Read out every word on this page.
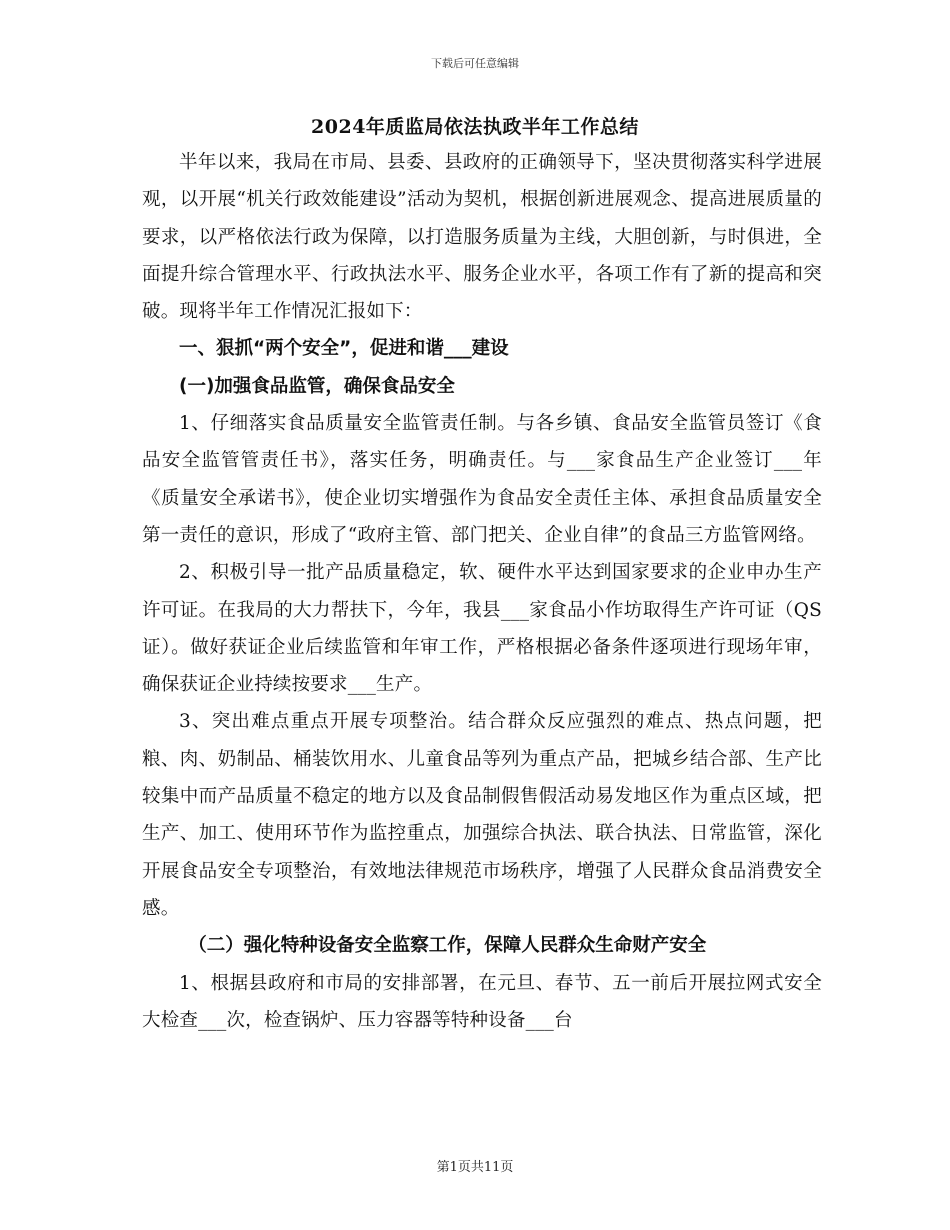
下载后可任意编辑
2024年质监局依法执政半年工作总结

半年以来，我局在市局、县委、县政府的正确领导下，坚决贯彻落实科学进展观，以开展“机关行政效能建设”活动为契机，根据创新进展观念、提高进展质量的要求，以严格依法行政为保障，以打造服务质量为主线，大胆创新，与时俱进，全面提升综合管理水平、行政执法水平、服务企业水平，各项工作有了新的提高和突破。现将半年工作情况汇报如下：

一、狠抓“两个安全”，促进和谐___建设

(一)加强食品监管，确保食品安全

1、仔细落实食品质量安全监管责任制。与各乡镇、食品安全监管员签订《食品安全监管管责任书》，落实任务，明确责任。与___家食品生产企业签订___年《质量安全承诺书》，使企业切实增强作为食品安全责任主体、承担食品质量安全第一责任的意识，形成了“政府主管、部门把关、企业自律”的食品三方监管网络。

2、积极引导一批产品质量稳定，软、硬件水平达到国家要求的企业申办生产许可证。在我局的大力帮扶下，今年，我县___家食品小作坊取得生产许可证（QS证）。做好获证企业后续监管和年审工作，严格根据必备条件逐项进行现场年审，确保获证企业持续按要求___生产。

3、突出难点重点开展专项整治。结合群众反应强烈的难点、热点问题，把粮、肉、奶制品、桶装饮用水、儿童食品等列为重点产品，把城乡结合部、生产比较集中而产品质量不稳定的地方以及食品制假售假活动易发地区作为重点区域，把生产、加工、使用环节作为监控重点，加强综合执法、联合执法、日常监管，深化开展食品安全专项整治，有效地法律规范市场秩序，增强了人民群众食品消费安全感。

（二）强化特种设备安全监察工作，保障人民群众生命财产安全

1、根据县政府和市局的安排部署，在元旦、春节、五一前后开展拉网式安全大检查___次，检查锅炉、压力容器等特种设备___台

第1页共11页
